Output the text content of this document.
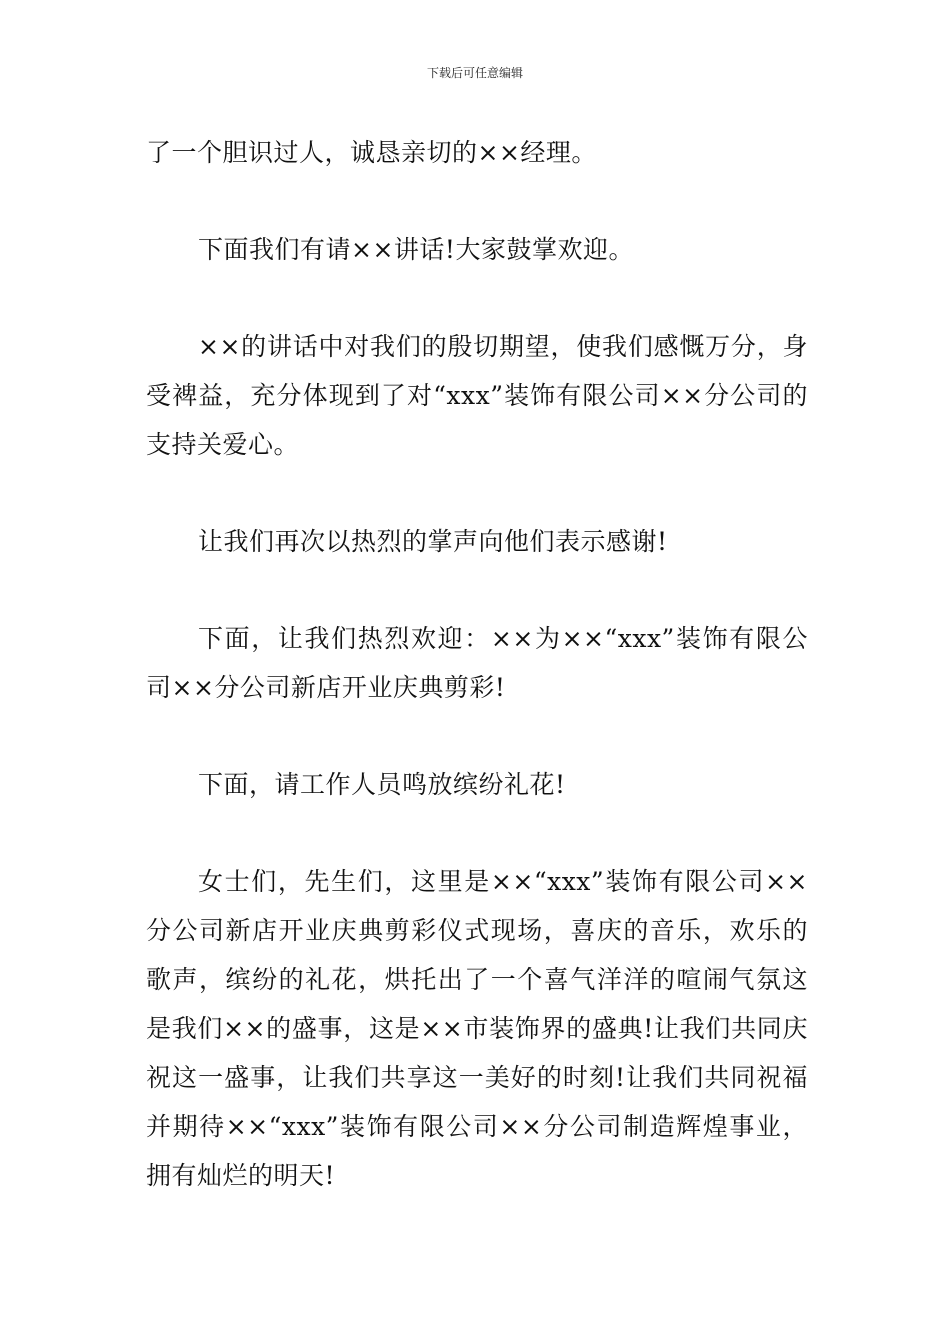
下载后可任意编辑

了一个胆识过人，诚恳亲切的××经理。

下面我们有请××讲话!大家鼓掌欢迎。

××的讲话中对我们的殷切期望，使我们感慨万分，身受裨益，充分体现到了对“xxx”装饰有限公司××分公司的支持关爱心。

让我们再次以热烈的掌声向他们表示感谢!

下面，让我们热烈欢迎：××为××“xxx”装饰有限公司××分公司新店开业庆典剪彩!

下面，请工作人员鸣放缤纷礼花!

女士们，先生们，这里是××“xxx”装饰有限公司××分公司新店开业庆典剪彩仪式现场，喜庆的音乐，欢乐的歌声，缤纷的礼花，烘托出了一个喜气洋洋的喧闹气氛这是我们××的盛事，这是××市装饰界的盛典!让我们共同庆祝这一盛事，让我们共享这一美好的时刻!让我们共同祝福并期待××“xxx”装饰有限公司××分公司制造辉煌事业，拥有灿烂的明天!
